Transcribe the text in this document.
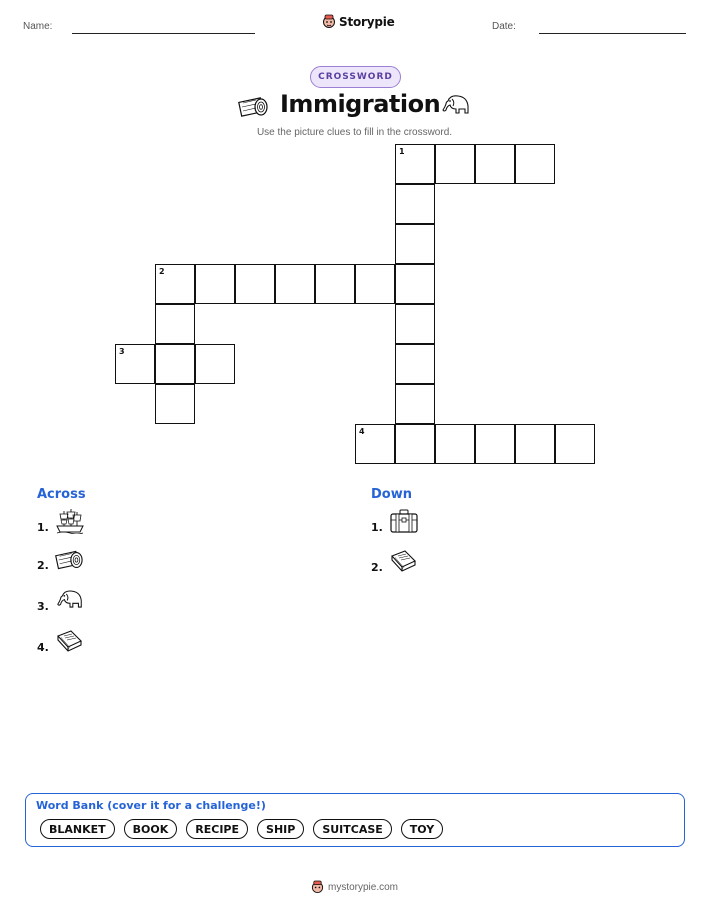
Name:	Date:
Storypie
CROSSWORD
Immigration
Use the picture clues to fill in the crossword.
1
2
3
4
Across
1.
2.
3.
4.
Down
1.
2.
Word Bank (cover it for a challenge!)
BLANKET	BOOK	RECIPE	SHIP	SUITCASE	TOY
mystorypie.com
